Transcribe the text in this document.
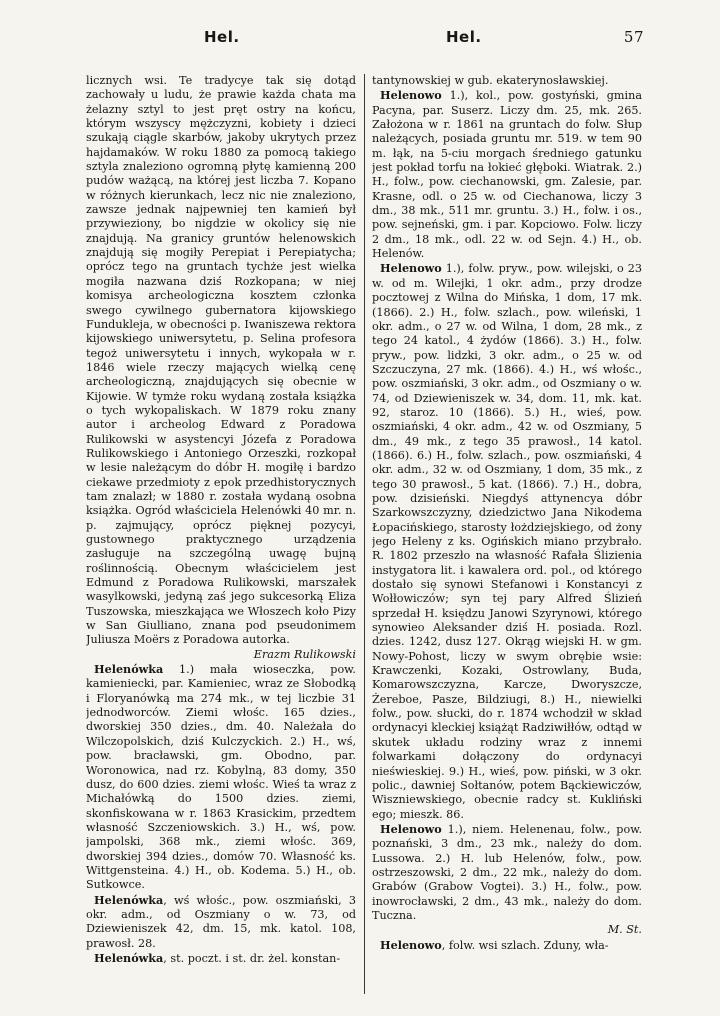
Hel.	Hel.	57

licznych wsi. Te tradycye tak się dotąd zachowały u ludu, że prawie każda chata ma żelazny sztyl to jest pręt ostry na końcu, którym wszyscy mężczyzni, kobiety i dzieci szukają ciągle skarbów, jakoby ukrytych przez hajdamaków. W roku 1880 za pomocą takiego sztyla znaleziono ogromną płytę kamienną 200 pudów ważącą, na której jest liczba 7. Kopano w różnych kierunkach, lecz nic nie znaleziono, zawsze jednak najpewniej ten kamień był przywieziony, bo nigdzie w okolicy się nie znajdują. Na granicy gruntów helenowskich znajdują się mogiły Perepiat i Perepiatycha; oprócz tego na gruntach tychże jest wielka mogiła nazwana dziś Rozkopana; w niej komisya archeologiczna kosztem członka swego cywilnego gubernatora kijowskiego Fundukleja, w obecności p. Iwaniszewa rektora kijowskiego uniwersytetu, p. Selina profesora tegoż uniwersytetu i innych, wykopała w r. 1846 wiele rzeczy mających wielką cenę archeologiczną, znajdujących się obecnie w Kijowie. W tymże roku wydaną została książka o tych wykopaliskach. W 1879 roku znany autor i archeolog Edward z Poradowa Rulikowski w asystencyi Józefa z Poradowa Rulikowskiego i Antoniego Orzeszki, rozkopał w lesie należącym do dóbr H. mogiłę i bardzo ciekawe przedmioty z epok przedhistorycznych tam znalazł; w 1880 r. została wydaną osobna książka. Ogród właściciela Helenówki 40 mr. n. p. zajmujący, oprócz pięknej pozycyi, gustownego praktycznego urządzenia zasługuje na szczególną uwagę bujną roślinnością. Obecnym właścicielem jest Edmund z Poradowa Rulikowski, marszałek wasylkowski, jedyną zaś jego sukcesorką Eliza Tuszowska, mieszkająca we Włoszech koło Pizy w San Giulliano, znana pod pseudonimem Juliusza Moërs z Poradowa autorka.

Erazm Rulikowski

Helenówka 1.) mała wioseczka, pow. kamieniecki, par. Kamieniec, wraz ze Słobodką i Floryanówką ma 274 mk., w tej liczbie 31 jednodworców. Ziemi włośc. 165 dzies., dworskiej 350 dzies., dm. 40. Należała do Wilczopolskich, dziś Kulczyckich. 2.) H., wś, pow. bracławski, gm. Obodno, par. Woronowica, nad rz. Kobylną, 83 domy, 350 dusz, do 600 dzies. ziemi włośc. Wieś ta wraz z Michałówką do 1500 dzies. ziemi, skonfiskowana w r. 1863 Krasickim, przedtem własność Szczeniowskich. 3.) H., wś, pow. jampolski, 368 mk., ziemi włośc. 369, dworskiej 394 dzies., domów 70. Własność ks. Wittgensteina. 4.) H., ob. Kodema. 5.) H., ob. Sutkowce.

Helenówka, wś włośc., pow. oszmiański, 3 okr. adm., od Oszmiany o w. 73, od Dziewieniszek 42, dm. 15, mk. katol. 108, prawosł. 28.

Helenówka, st. poczt. i st. dr. żel. konstan-

tantynowskiej w gub. ekaterynosławskiej.

Helenowo 1.), kol., pow. gostyński, gmina Pacyna, par. Suserz. Liczy dm. 25, mk. 265. Założona w r. 1861 na gruntach do folw. Słup należących, posiada gruntu mr. 519. w tem 90 m. łąk, na 5-ciu morgach średniego gatunku jest pokład torfu na łokieć głęboki. Wiatrak. 2.) H., folw., pow. ciechanowski, gm. Zalesie, par. Krasne, odl. o 25 w. od Ciechanowa, liczy 3 dm., 38 mk., 511 mr. gruntu. 3.) H., folw. i os., pow. sejneński, gm. i par. Kopciowo. Folw. liczy 2 dm., 18 mk., odl. 22 w. od Sejn. 4.) H., ob. Helenów.

Helenowo 1.), folw. pryw., pow. wilejski, o 23 w. od m. Wilejki, 1 okr. adm., przy drodze pocztowej z Wilna do Mińska, 1 dom, 17 mk. (1866). 2.) H., folw. szlach., pow. wileński, 1 okr. adm., o 27 w. od Wilna, 1 dom, 28 mk., z tego 24 katol., 4 żydów (1866). 3.) H., folw. pryw., pow. lidzki, 3 okr. adm., o 25 w. od Szczuczyna, 27 mk. (1866). 4.) H., wś włośc., pow. oszmiański, 3 okr. adm., od Oszmiany o w. 74, od Dziewieniszek w. 34, dom. 11, mk. kat. 92, staroz. 10 (1866). 5.) H., wieś, pow. oszmiański, 4 okr. adm., 42 w. od Oszmiany, 5 dm., 49 mk., z tego 35 prawosł., 14 katol. (1866). 6.) H., folw. szlach., pow. oszmiański, 4 okr. adm., 32 w. od Oszmiany, 1 dom, 35 mk., z tego 30 prawosł., 5 kat. (1866). 7.) H., dobra, pow. dzisieński. Niegdyś attynencya dóbr Szarkowszczyzny, dziedzictwo Jana Nikodema Łopacińskiego, starosty łożdziejskiego, od żony jego Heleny z ks. Ogińskich miano przybrało. R. 1802 przeszło na własność Rafała Ślizienia instygatora lit. i kawalera ord. pol., od którego dostało się synowi Stefanowi i Konstancyi z Wołłowiczów; syn tej pary Alfred Ślizień sprzedał H. księdzu Janowi Szyrynowi, którego synowieo Aleksander dziś H. posiada. Rozl. dzies. 1242, dusz 127. Okrąg wiejski H. w gm. Nowy-Pohost, liczy w swym obrębie wsie: Krawczenki, Kozaki, Ostrowlany, Buda, Komarowszczyzna, Karcze, Dworyszcze, Żereboe, Pasze, Bildziugi, 8.) H., niewielki folw., pow. słucki, do r. 1874 wchodził w skład ordynacyi kleckiej książąt Radziwiłłów, odtąd w skutek układu rodziny wraz z innemi folwarkami dołączony do ordynacyi nieświeskiej. 9.) H., wieś, pow. piński, w 3 okr. polic., dawniej Sołtanów, potem Bąckiewiczów, Wiszniewskiego, obecnie radcy st. Kukliński ego; mieszk. 86.

Helenowo 1.), niem. Helenenau, folw., pow. poznański, 3 dm., 23 mk., należy do dom. Lussowa. 2.) H. lub Helenów, folw., pow. ostrzeszowski, 2 dm., 22 mk., należy do dom. Grabów (Grabow Vogtei). 3.) H., folw., pow. inowrocławski, 2 dm., 43 mk., należy do dom. Tuczna.

M. St.

Helenowo, folw. wsi szlach. Zduny, wła-
